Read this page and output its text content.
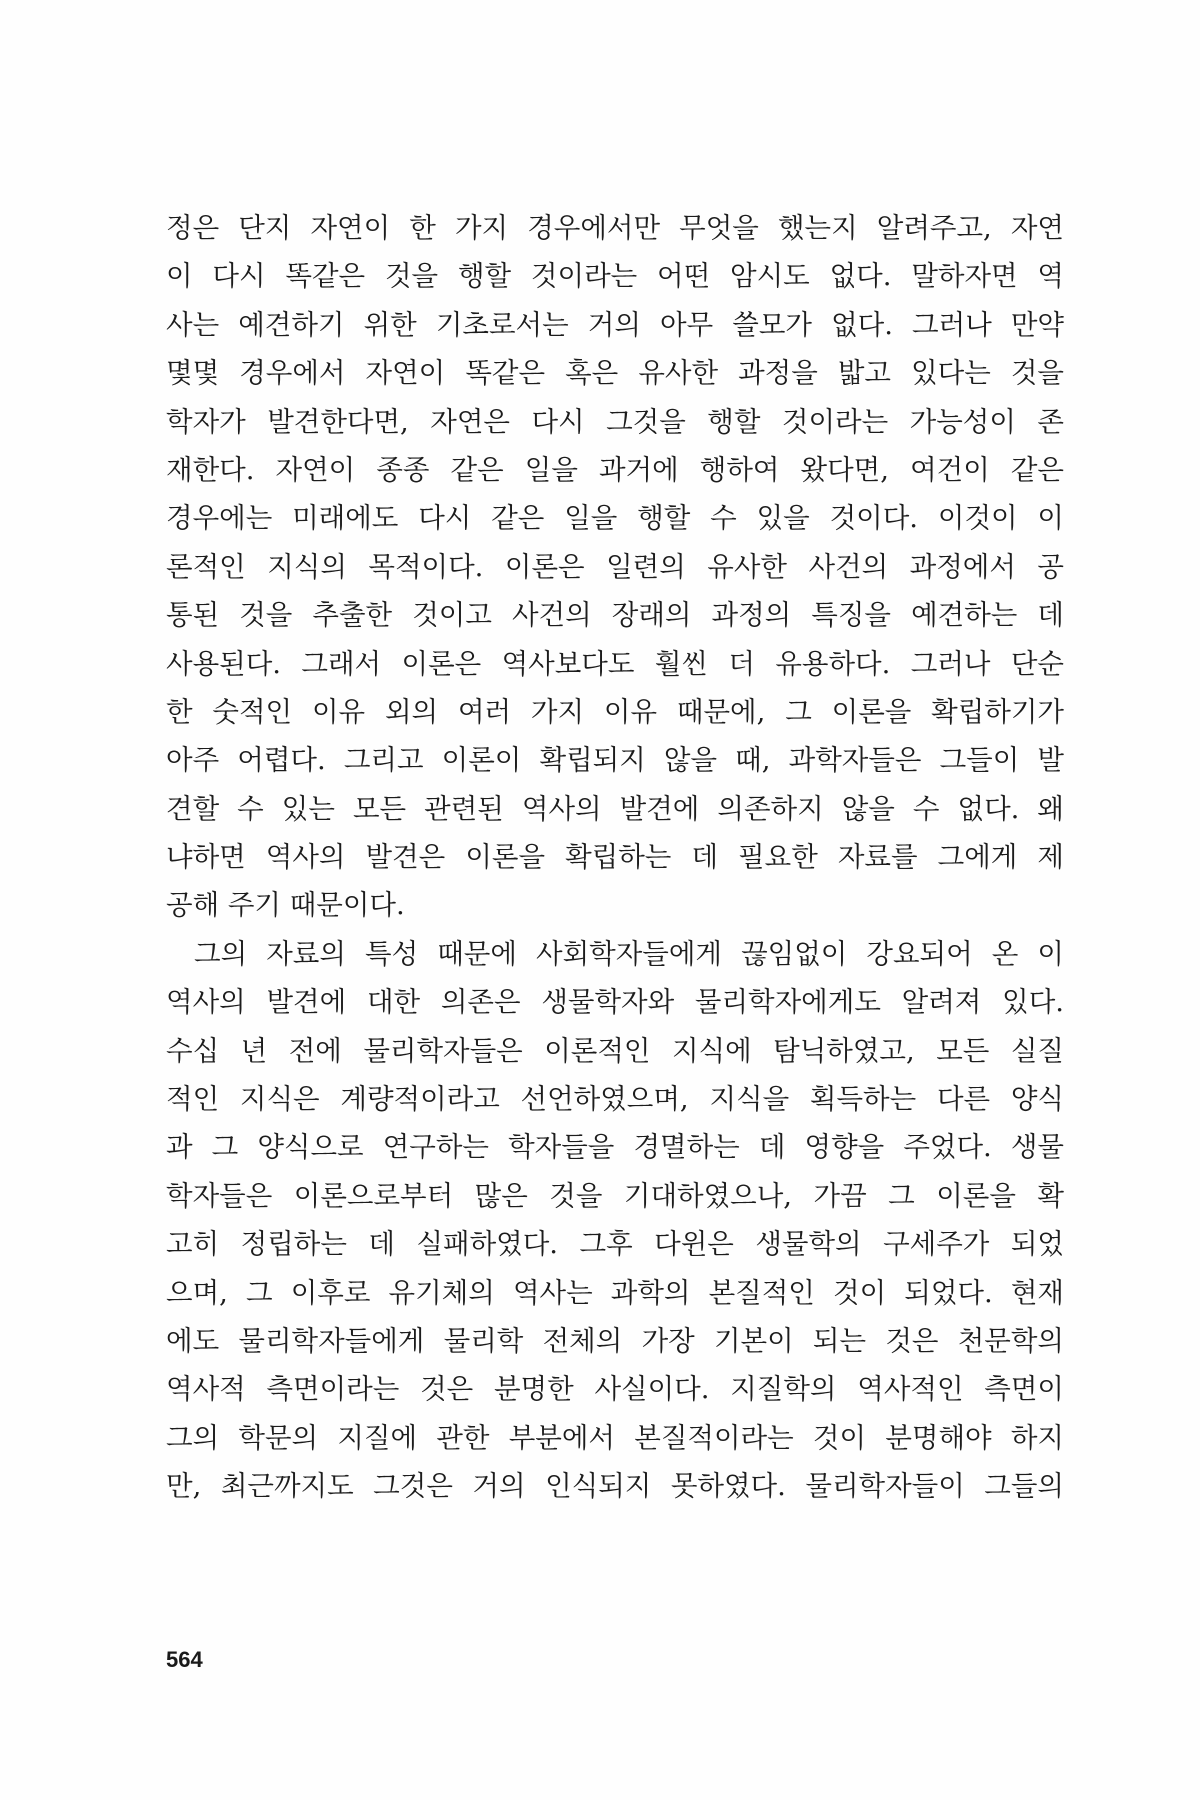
정은 단지 자연이 한 가지 경우에서만 무엇을 했는지 알려주고, 자연
이 다시 똑같은 것을 행할 것이라는 어떤 암시도 없다. 말하자면 역
사는 예견하기 위한 기초로서는 거의 아무 쓸모가 없다. 그러나 만약
몇몇 경우에서 자연이 똑같은 혹은 유사한 과정을 밟고 있다는 것을
학자가 발견한다면, 자연은 다시 그것을 행할 것이라는 가능성이 존
재한다. 자연이 종종 같은 일을 과거에 행하여 왔다면, 여건이 같은
경우에는 미래에도 다시 같은 일을 행할 수 있을 것이다. 이것이 이
론적인 지식의 목적이다. 이론은 일련의 유사한 사건의 과정에서 공
통된 것을 추출한 것이고 사건의 장래의 과정의 특징을 예견하는 데
사용된다. 그래서 이론은 역사보다도 훨씬 더 유용하다. 그러나 단순
한 숫적인 이유 외의 여러 가지 이유 때문에, 그 이론을 확립하기가
아주 어렵다. 그리고 이론이 확립되지 않을 때, 과학자들은 그들이 발
견할 수 있는 모든 관련된 역사의 발견에 의존하지 않을 수 없다. 왜
냐하면 역사의 발견은 이론을 확립하는 데 필요한 자료를 그에게 제
공해 주기 때문이다.
그의 자료의 특성 때문에 사회학자들에게 끊임없이 강요되어 온 이
역사의 발견에 대한 의존은 생물학자와 물리학자에게도 알려져 있다.
수십 년 전에 물리학자들은 이론적인 지식에 탐닉하였고, 모든 실질
적인 지식은 계량적이라고 선언하였으며, 지식을 획득하는 다른 양식
과 그 양식으로 연구하는 학자들을 경멸하는 데 영향을 주었다. 생물
학자들은 이론으로부터 많은 것을 기대하였으나, 가끔 그 이론을 확
고히 정립하는 데 실패하였다. 그후 다윈은 생물학의 구세주가 되었
으며, 그 이후로 유기체의 역사는 과학의 본질적인 것이 되었다. 현재
에도 물리학자들에게 물리학 전체의 가장 기본이 되는 것은 천문학의
역사적 측면이라는 것은 분명한 사실이다. 지질학의 역사적인 측면이
그의 학문의 지질에 관한 부분에서 본질적이라는 것이 분명해야 하지
만, 최근까지도 그것은 거의 인식되지 못하였다. 물리학자들이 그들의
564
